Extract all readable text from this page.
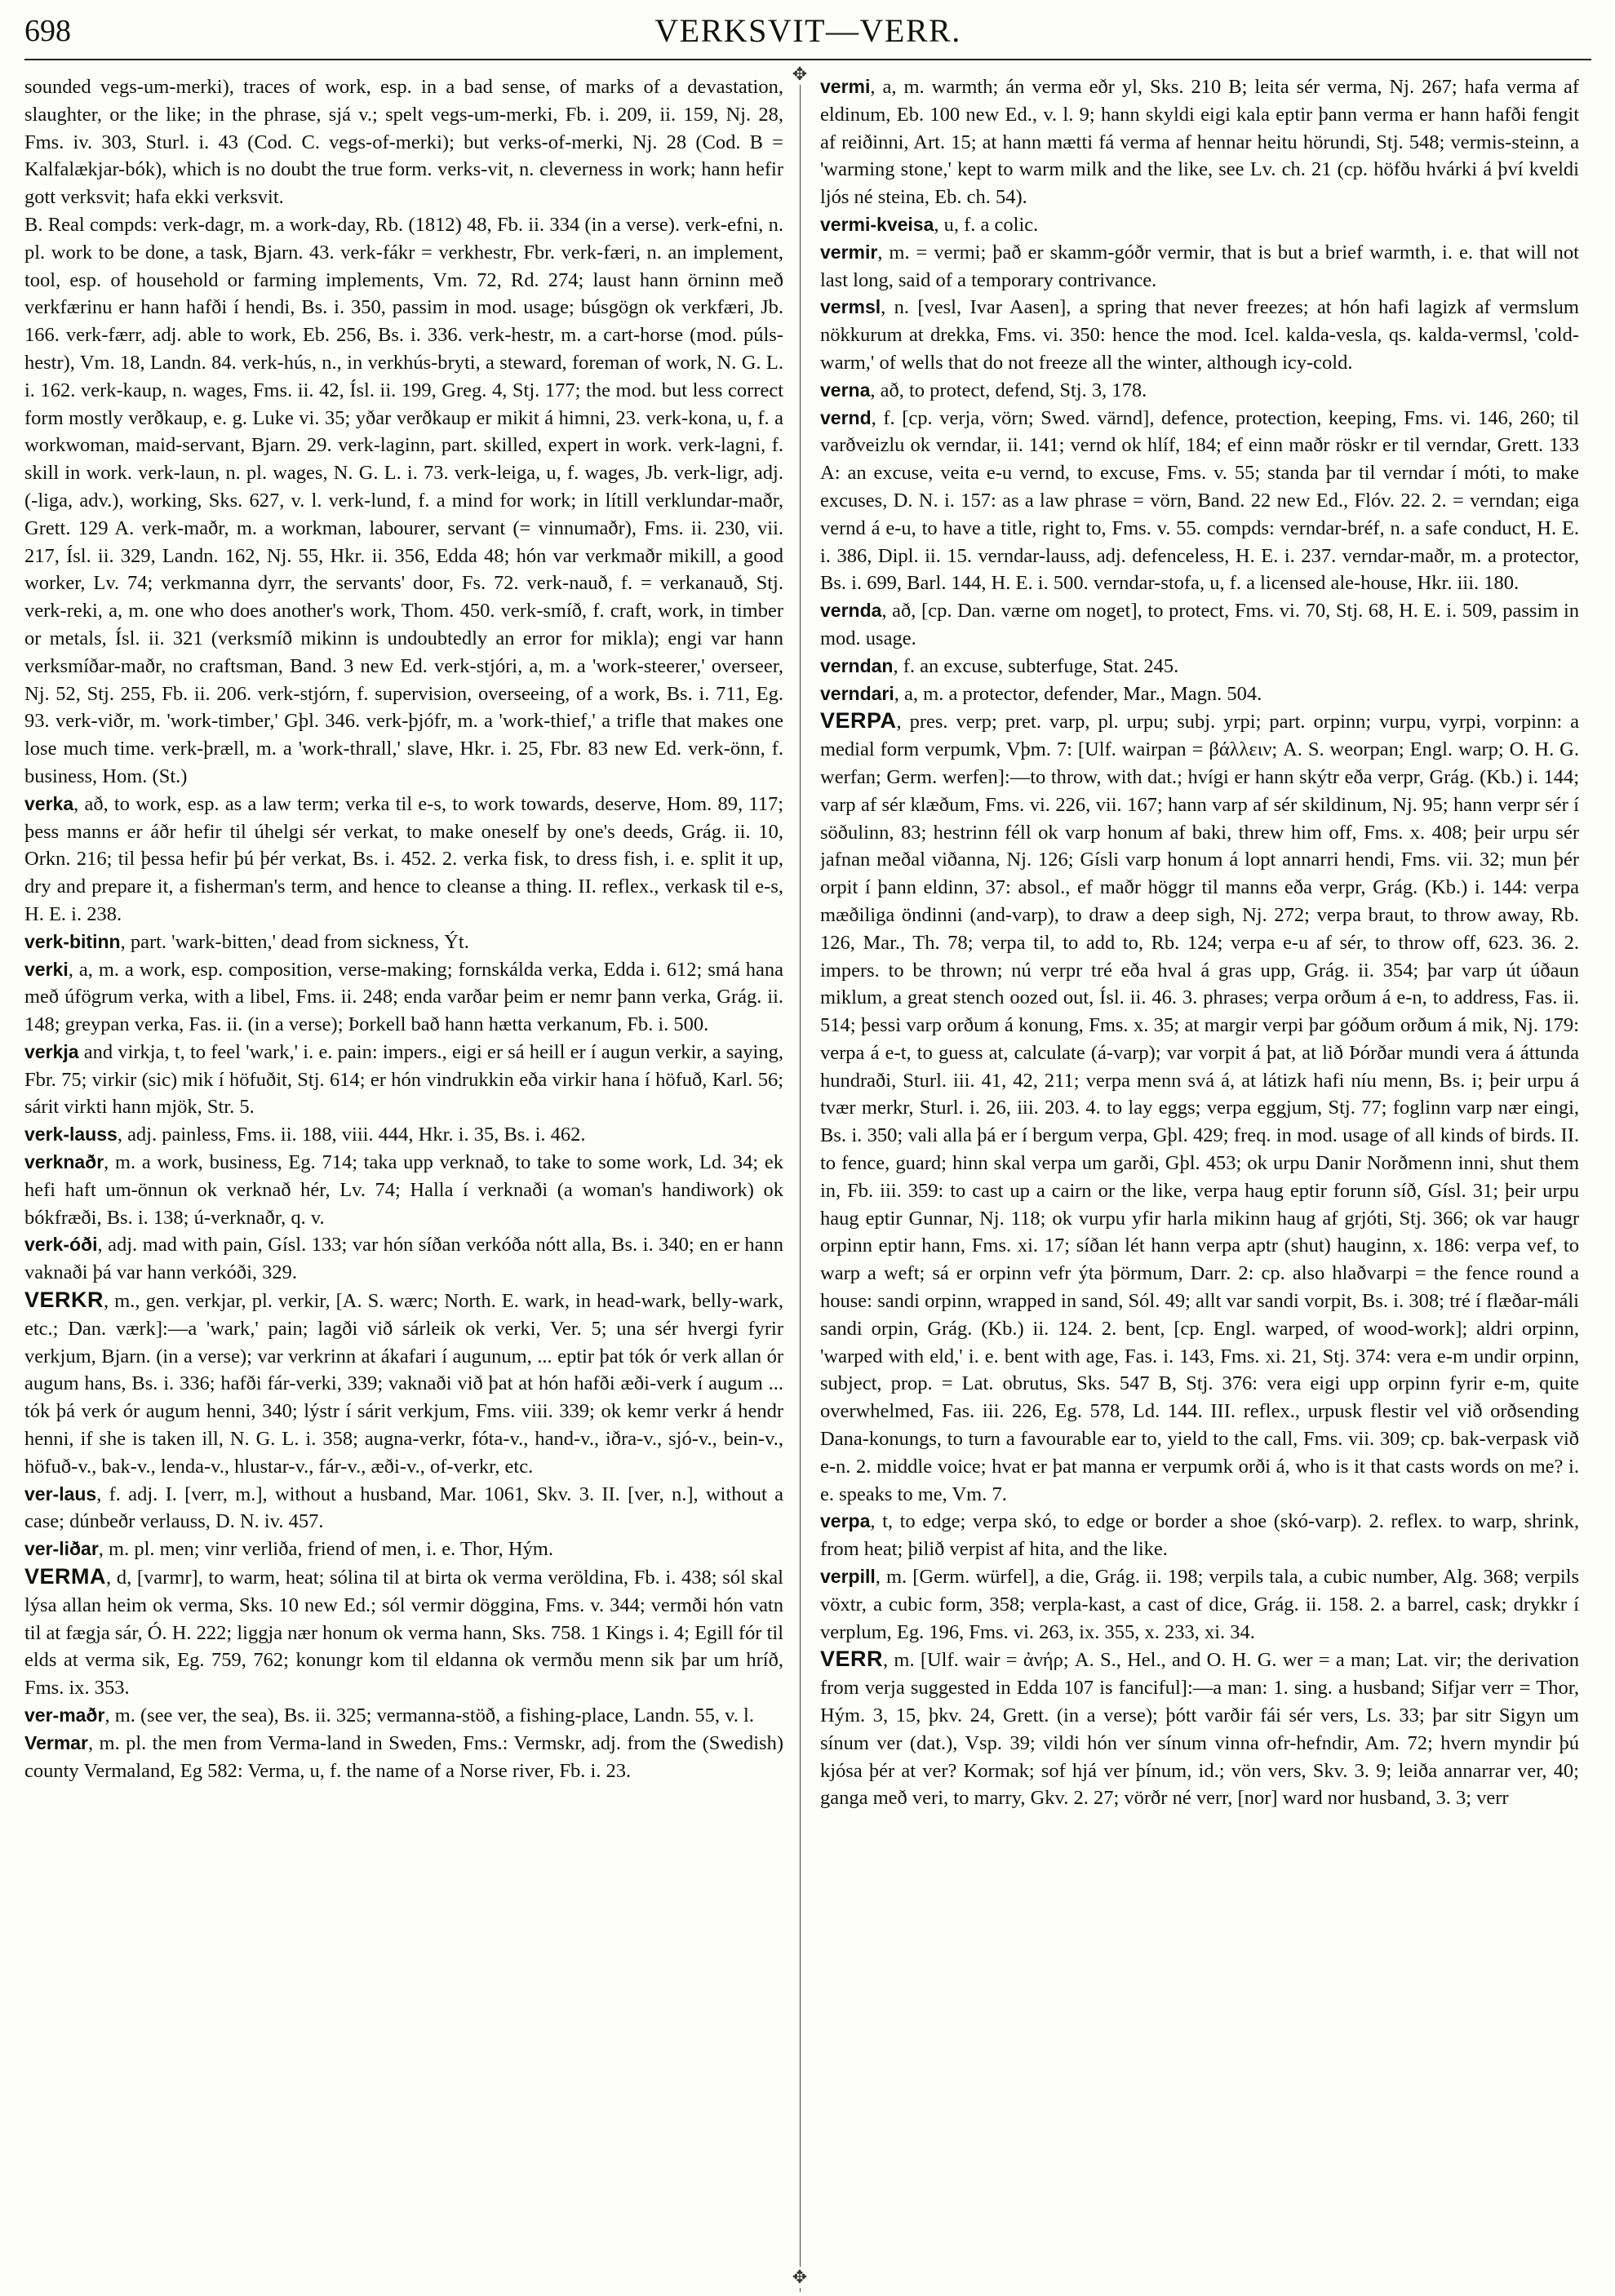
698	VERKSVIT—VERR.

sounded vegs-um-merki), traces of work, esp. in a bad sense, of marks of a devastation, slaughter, or the like; in the phrase, sjá v.; spelt vegs-um-merki, Fb. i. 209, ii. 159, Nj. 28, Fms. iv. 303, Sturl. i. 43 (Cod. C. vegs-of-merki); but verks-of-merki, Nj. 28 (Cod. B = Kalfalækjar-bók), which is no doubt the true form. verks-vit, n. cleverness in work; hann hefir gott verksvit; hafa ekki verksvit.

B. Real compds: verk-dagr, m. a work-day, Rb. (1812) 48, Fb. ii. 334 (in a verse). verk-efni, n. pl. work to be done, a task, Bjarn. 43. verk-fákr = verkhestr, Fbr. verk-færi, n. an implement, tool, esp. of household or farming implements, Vm. 72, Rd. 274; laust hann örninn með verkfærinu er hann hafði í hendi, Bs. i. 350, passim in mod. usage; búsgögn ok verkfæri, Jb. 166. verk-færr, adj. able to work, Eb. 256, Bs. i. 336. verk-hestr, m. a cart-horse (mod. púls-hestr), Vm. 18, Landn. 84. verk-hús, n., in verkhús-bryti, a steward, foreman of work, N. G. L. i. 162. verk-kaup, n. wages, Fms. ii. 42, Ísl. ii. 199, Greg. 4, Stj. 177; the mod. but less correct form mostly verðkaup, e. g. Luke vi. 35; yðar verðkaup er mikit á himni, 23. verk-kona, u, f. a workwoman, maid-servant, Bjarn. 29. verk-laginn, part. skilled, expert in work. verk-lagni, f. skill in work. verk-laun, n. pl. wages, N. G. L. i. 73. verk-leiga, u, f. wages, Jb. verk-ligr, adj. (-liga, adv.), working, Sks. 627, v. l. verk-lund, f. a mind for work; in lítill verklundar-maðr, Grett. 129 A. verk-maðr, m. a workman, labourer, servant (= vinnumaðr), Fms. ii. 230, vii. 217, Ísl. ii. 329, Landn. 162, Nj. 55, Hkr. ii. 356, Edda 48; hón var verkmaðr mikill, a good worker, Lv. 74; verkmanna dyrr, the servants' door, Fs. 72. verk-nauð, f. = verkanauð, Stj. verk-reki, a, m. one who does another's work, Thom. 450. verk-smíð, f. craft, work, in timber or metals, Ísl. ii. 321 (verksmíð mikinn is undoubtedly an error for mikla); engi var hann verksmíðar-maðr, no craftsman, Band. 3 new Ed. verk-stjóri, a, m. a 'work-steerer,' overseer, Nj. 52, Stj. 255, Fb. ii. 206. verk-stjórn, f. supervision, overseeing, of a work, Bs. i. 711, Eg. 93. verk-viðr, m. 'work-timber,' Gþl. 346. verk-þjófr, m. a 'work-thief,' a trifle that makes one lose much time. verk-þræll, m. a 'work-thrall,' slave, Hkr. i. 25, Fbr. 83 new Ed. verk-önn, f. business, Hom. (St.)

verka, að, to work, esp. as a law term; verka til e-s, to work towards, deserve, Hom. 89, 117; þess manns er áðr hefir til úhelgi sér verkat, to make oneself by one's deeds, Grág. ii. 10, Orkn. 216; til þessa hefir þú þér verkat, Bs. i. 452. 2. verka fisk, to dress fish, i. e. split it up, dry and prepare it, a fisherman's term, and hence to cleanse a thing. II. reflex., verkask til e-s, H. E. i. 238.

verk-bitinn, part. 'wark-bitten,' dead from sickness, Ýt.

verki, a, m. a work, esp. composition, verse-making; fornskálda verka, Edda i. 612; smá hana með úfögrum verka, with a libel, Fms. ii. 248; enda varðar þeim er nemr þann verka, Grág. ii. 148; greypan verka, Fas. ii. (in a verse); Þorkell bað hann hætta verkanum, Fb. i. 500.

verkja and virkja, t, to feel 'wark,' i. e. pain: impers., eigi er sá heill er í augun verkir, a saying, Fbr. 75; virkir (sic) mik í höfuðit, Stj. 614; er hón vindrukkin eða virkir hana í höfuð, Karl. 56; sárit virkti hann mjök, Str. 5.

verk-lauss, adj. painless, Fms. ii. 188, viii. 444, Hkr. i. 35, Bs. i. 462.

verknaðr, m. a work, business, Eg. 714; taka upp verknað, to take to some work, Ld. 34; ek hefi haft um-önnun ok verknað hér, Lv. 74; Halla í verknaði (a woman's handiwork) ok bókfræði, Bs. i. 138; ú-verknaðr, q. v.

verk-óði, adj. mad with pain, Gísl. 133; var hón síðan verkóða nótt alla, Bs. i. 340; en er hann vaknaði þá var hann verkóði, 329.

VERKR, m., gen. verkjar, pl. verkir, [A. S. wærc; North. E. wark, in head-wark, belly-wark, etc.; Dan. værk]:—a 'wark,' pain; lagði við sárleik ok verki, Ver. 5; una sér hvergi fyrir verkjum, Bjarn. (in a verse); var verkrinn at ákafari í augunum, ... eptir þat tók ór verk allan ór augum hans, Bs. i. 336; hafði fár-verki, 339; vaknaði við þat at hón hafði æði-verk í augum ... tók þá verk ór augum henni, 340; lýstr í sárit verkjum, Fms. viii. 339; ok kemr verkr á hendr henni, if she is taken ill, N. G. L. i. 358; augna-verkr, fóta-v., hand-v., iðra-v., sjó-v., bein-v., höfuð-v., bak-v., lenda-v., hlustar-v., fár-v., æði-v., of-verkr, etc.

ver-laus, f. adj. I. [verr, m.], without a husband, Mar. 1061, Skv. 3. II. [ver, n.], without a case; dúnbeðr verlauss, D. N. iv. 457.

ver-liðar, m. pl. men; vinr verliða, friend of men, i. e. Thor, Hým.

VERMA, d, [varmr], to warm, heat; sólina til at birta ok verma veröldina, Fb. i. 438; sól skal lýsa allan heim ok verma, Sks. 10 new Ed.; sól vermir dögginа, Fms. v. 344; vermði hón vatn til at fægja sár, Ó. H. 222; liggja nær honum ok verma hann, Sks. 758. 1 Kings i. 4; Egill fór til elds at verma sik, Eg. 759, 762; konungr kom til eldanna ok vermðu menn sik þar um hríð, Fms. ix. 353.

ver-maðr, m. (see ver, the sea), Bs. ii. 325; vermanna-stöð, a fishing-place, Landn. 55, v. l.

Vermar, m. pl. the men from Verma-land in Sweden, Fms.: Vermskr, adj. from the (Swedish) county Vermaland, Eg 582: Verma, u, f. the name of a Norse river, Fb. i. 23.

✥
✥

vermi, a, m. warmth; án verma eðr yl, Sks. 210 B; leita sér verma, Nj. 267; hafa verma af eldinum, Eb. 100 new Ed., v. l. 9; hann skyldi eigi kala eptir þann verma er hann hafði fengit af reiðinni, Art. 15; at hann mætti fá verma af hennar heitu hörundi, Stj. 548; vermis-steinn, a 'warming stone,' kept to warm milk and the like, see Lv. ch. 21 (cp. höfðu hvárki á því kveldi ljós né steina, Eb. ch. 54).

vermi-kveisa, u, f. a colic.

vermir, m. = vermi; það er skamm-góðr vermir, that is but a brief warmth, i. e. that will not last long, said of a temporary contrivance.

vermsl, n. [vesl, Ivar Aasen], a spring that never freezes; at hón hafi lagizk af vermslum nökkurum at drekka, Fms. vi. 350: hence the mod. Icel. kalda-vesla, qs. kalda-vermsl, 'cold-warm,' of wells that do not freeze all the winter, although icy-cold.

verna, að, to protect, defend, Stj. 3, 178.

vernd, f. [cp. verja, vörn; Swed. värnd], defence, protection, keeping, Fms. vi. 146, 260; til varðveizlu ok verndar, ii. 141; vernd ok hlíf, 184; ef einn maðr röskr er til verndar, Grett. 133 A: an excuse, veita e-u vernd, to excuse, Fms. v. 55; standa þar til verndar í móti, to make excuses, D. N. i. 157: as a law phrase = vörn, Band. 22 new Ed., Flóv. 22. 2. = verndan; eiga vernd á e-u, to have a title, right to, Fms. v. 55. compds: verndar-bréf, n. a safe conduct, H. E. i. 386, Dipl. ii. 15. verndar-lauss, adj. defenceless, H. E. i. 237. verndar-maðr, m. a protector, Bs. i. 699, Barl. 144, H. E. i. 500. verndar-stofa, u, f. a licensed ale-house, Hkr. iii. 180.

vernda, að, [cp. Dan. værne om noget], to protect, Fms. vi. 70, Stj. 68, H. E. i. 509, passim in mod. usage.

verndan, f. an excuse, subterfuge, Stat. 245.

verndari, a, m. a protector, defender, Mar., Magn. 504.

VERPA, pres. verp; pret. varp, pl. urpu; subj. yrpi; part. orpinn; vurpu, vyrpi, vorpinn: a medial form verpumk, Vþm. 7: [Ulf. wairpan = βάλλειν; A. S. weorpan; Engl. warp; O. H. G. werfan; Germ. werfen]:—to throw, with dat.; hvígi er hann skýtr eða verpr, Grág. (Kb.) i. 144; varp af sér klæðum, Fms. vi. 226, vii. 167; hann varp af sér skildinum, Nj. 95; hann verpr sér í söðulinn, 83; hestrinn féll ok varp honum af baki, threw him off, Fms. x. 408; þeir urpu sér jafnan meðal viðanna, Nj. 126; Gísli varp honum á lopt annarri hendi, Fms. vii. 32; mun þér orpit í þann eldinn, 37: absol., ef maðr höggr til manns eða verpr, Grág. (Kb.) i. 144: verpa mæðiliga öndinni (and-varp), to draw a deep sigh, Nj. 272; verpa braut, to throw away, Rb. 126, Mar., Th. 78; verpa til, to add to, Rb. 124; verpa e-u af sér, to throw off, 623. 36. 2. impers. to be thrown; nú verpr tré eða hval á gras upp, Grág. ii. 354; þar varp út úðaun miklum, a great stench oozed out, Ísl. ii. 46. 3. phrases; verpa orðum á e-n, to address, Fas. ii. 514; þessi varp orðum á konung, Fms. x. 35; at margir verpi þar góðum orðum á mik, Nj. 179: verpa á e-t, to guess at, calculate (á-varp); var vorpit á þat, at lið Þórðar mundi vera á áttunda hundraði, Sturl. iii. 41, 42, 211; verpa menn svá á, at látizk hafi níu menn, Bs. i; þeir urpu á tvær merkr, Sturl. i. 26, iii. 203. 4. to lay eggs; verpa eggjum, Stj. 77; foglinn varp nær eingi, Bs. i. 350; vali alla þá er í bergum verpa, Gþl. 429; freq. in mod. usage of all kinds of birds. II. to fence, guard; hinn skal verpa um garði, Gþl. 453; ok urpu Danir Norðmenn inni, shut them in, Fb. iii. 359: to cast up a cairn or the like, verpa haug eptir forunn síð, Gísl. 31; þeir urpu haug eptir Gunnar, Nj. 118; ok vurpu yfir harla mikinn haug af grjóti, Stj. 366; ok var haugr orpinn eptir hann, Fms. xi. 17; síðan lét hann verpa aptr (shut) hauginn, x. 186: verpa vef, to warp a weft; sá er orpinn vefr ýta þörmum, Darr. 2: cp. also hlaðvarpi = the fence round a house: sandi orpinn, wrapped in sand, Sól. 49; allt var sandi vorpit, Bs. i. 308; tré í flæðar-máli sandi orpin, Grág. (Kb.) ii. 124. 2. bent, [cp. Engl. warped, of wood-work]; aldri orpinn, 'warped with eld,' i. e. bent with age, Fas. i. 143, Fms. xi. 21, Stj. 374: vera e-m undir orpinn, subject, prop. = Lat. obrutus, Sks. 547 B, Stj. 376: vera eigi upp orpinn fyrir e-m, quite overwhelmed, Fas. iii. 226, Eg. 578, Ld. 144. III. reflex., urpusk flestir vel við orðsending Dana-konungs, to turn a favourable ear to, yield to the call, Fms. vii. 309; cp. bak-verpask við e-n. 2. middle voice; hvat er þat manna er verpumk orði á, who is it that casts words on me? i. e. speaks to me, Vm. 7.

verpa, t, to edge; verpa skó, to edge or border a shoe (skó-varp). 2. reflex. to warp, shrink, from heat; þilið verpist af hita, and the like.

verpill, m. [Germ. würfel], a die, Grág. ii. 198; verpils tala, a cubic number, Alg. 368; verpils vöxtr, a cubic form, 358; verpla-kast, a cast of dice, Grág. ii. 158. 2. a barrel, cask; drykkr í verplum, Eg. 196, Fms. vi. 263, ix. 355, x. 233, xi. 34.

VERR, m. [Ulf. wair = ἀνήρ; A. S., Hel., and O. H. G. wer = a man; Lat. vir; the derivation from verja suggested in Edda 107 is fanciful]:—a man: 1. sing. a husband; Sifjar verr = Thor, Hým. 3, 15, þkv. 24, Grett. (in a verse); þótt varðir fái sér vers, Ls. 33; þar sitr Sigyn um sínum ver (dat.), Vsp. 39; vildi hón ver sínum vinna ofr-hefndir, Am. 72; hvern myndir þú kjósa þér at ver? Kormak; sof hjá ver þínum, id.; vön vers, Skv. 3. 9; leiða annarrar ver, 40; ganga með veri, to marry, Gkv. 2. 27; vörðr né verr, [nor] ward nor husband, 3. 3; verr
